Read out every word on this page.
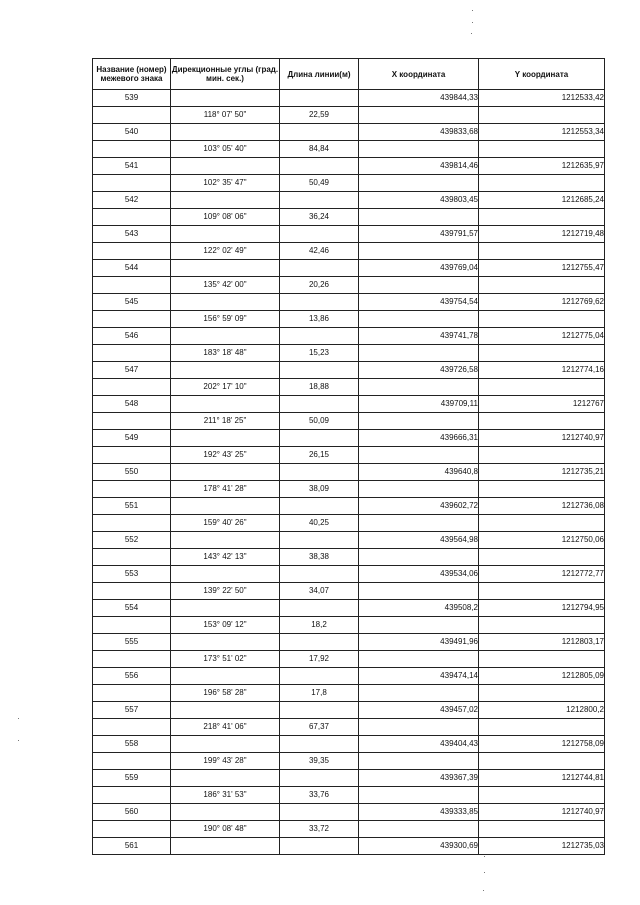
Название (номер) межевого знака	Дирекционные углы (град. мин. сек.)	Длина линии(м)	X координата	Y координата
539			439844,33	1212533,42
	118° 07' 50"	22,59		
540			439833,68	1212553,34
	103° 05' 40"	84,84		
541			439814,46	1212635,97
	102° 35' 47"	50,49		
542			439803,45	1212685,24
	109° 08' 06"	36,24		
543			439791,57	1212719,48
	122° 02' 49"	42,46		
544			439769,04	1212755,47
	135° 42' 00"	20,26		
545			439754,54	1212769,62
	156° 59' 09"	13,86		
546			439741,78	1212775,04
	183° 18' 48"	15,23		
547			439726,58	1212774,16
	202° 17' 10"	18,88		
548			439709,11	1212767
	211° 18' 25"	50,09		
549			439666,31	1212740,97
	192° 43' 25"	26,15		
550			439640,8	1212735,21
	178° 41' 28"	38,09		
551			439602,72	1212736,08
	159° 40' 26"	40,25		
552			439564,98	1212750,06
	143° 42' 13"	38,38		
553			439534,06	1212772,77
	139° 22' 50"	34,07		
554			439508,2	1212794,95
	153° 09' 12"	18,2		
555			439491,96	1212803,17
	173° 51' 02"	17,92		
556			439474,14	1212805,09
	196° 58' 28"	17,8		
557			439457,02	1212800,2
	218° 41' 06"	67,37		
558			439404,43	1212758,09
	199° 43' 28"	39,35		
559			439367,39	1212744,81
	186° 31' 53"	33,76		
560			439333,85	1212740,97
	190° 08' 48"	33,72		
561			439300,69	1212735,03
